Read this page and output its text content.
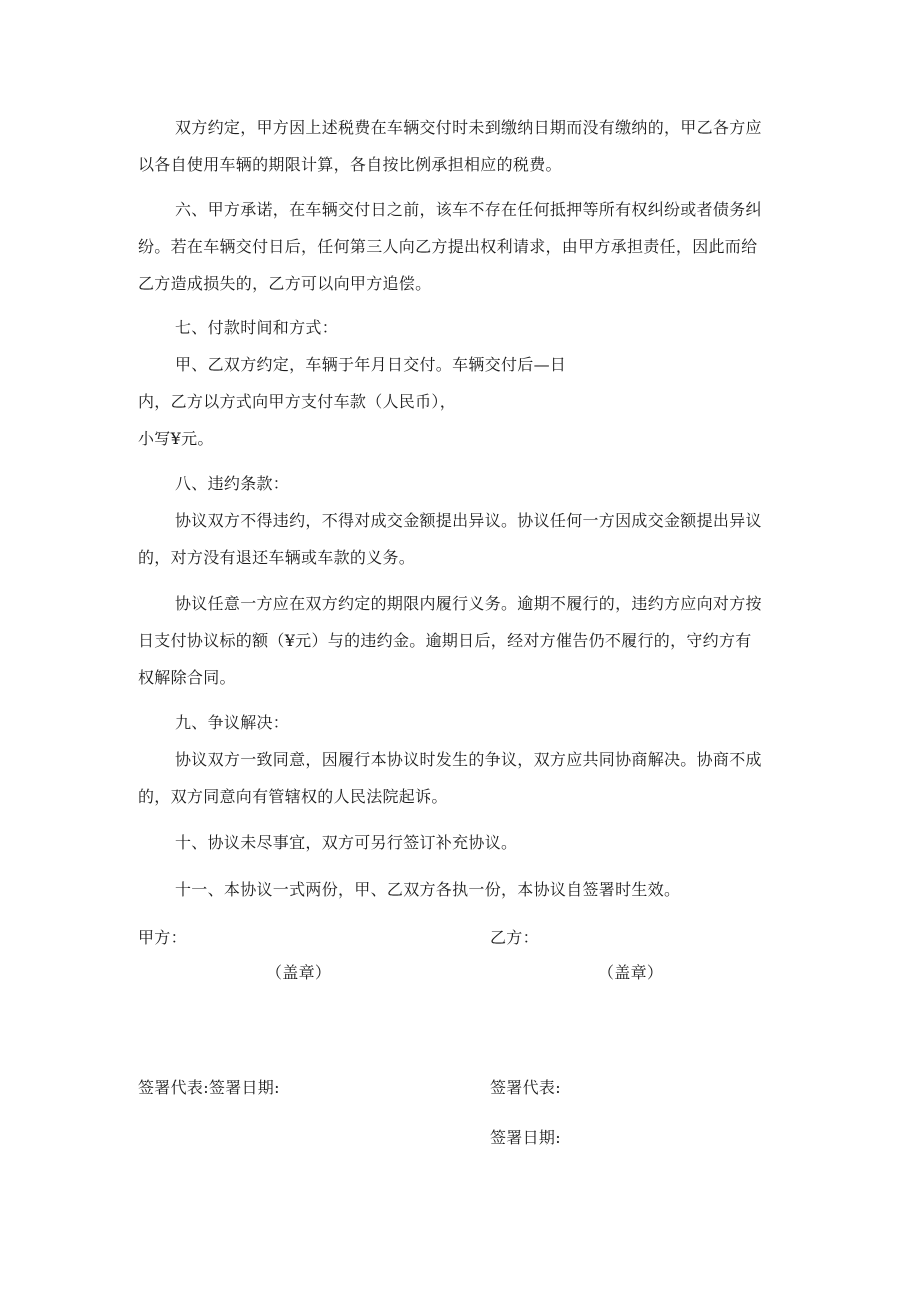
双方约定，甲方因上述税费在车辆交付时未到缴纳日期而没有缴纳的，甲乙各方应

以各自使用车辆的期限计算，各自按比例承担相应的税费。

六、甲方承诺，在车辆交付日之前，该车不存在任何抵押等所有权纠纷或者债务纠

纷。若在车辆交付日后，任何第三人向乙方提出权利请求，由甲方承担责任，因此而给

乙方造成损失的，乙方可以向甲方追偿。

七、付款时间和方式：

甲、乙双方约定，车辆于年月日交付。车辆交付后—日

内，乙方以方式向甲方支付车款（人民币），

小写¥元。

八、违约条款：

协议双方不得违约，不得对成交金额提出异议。协议任何一方因成交金额提出异议

的，对方没有退还车辆或车款的义务。

协议任意一方应在双方约定的期限内履行义务。逾期不履行的，违约方应向对方按

日支付协议标的额（¥元）与的违约金。逾期日后，经对方催告仍不履行的，守约方有

权解除合同。

九、争议解决：

协议双方一致同意，因履行本协议时发生的争议，双方应共同协商解决。协商不成

的，双方同意向有管辖权的人民法院起诉。

十、协议未尽事宜，双方可另行签订补充协议。

十一、本协议一式两份，甲、乙双方各执一份，本协议自签署时生效。

甲方：	乙方：

（盖章）	（盖章）

签署代表:签署日期:	签署代表:

签署日期:
